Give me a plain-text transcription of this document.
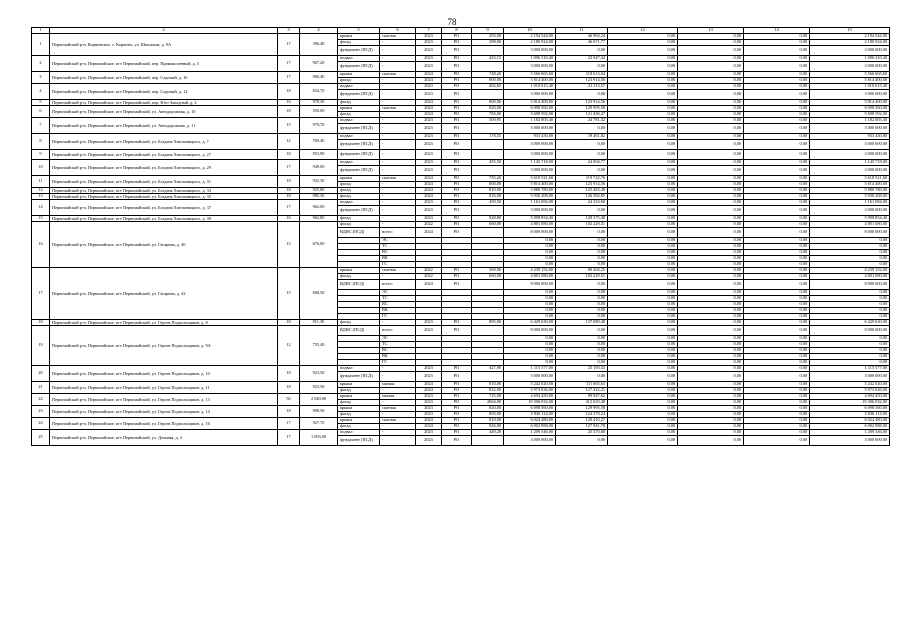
78
1	2	3	4	5	6	7	8	9	10	11	12	13	14	15
1	Первомайский р-н, Коршевское, с. Коршево, ул. Школьная, д. 9А	17	396,40	крыша	скатная	2023	РО	293,00	2 194 544,00	46 963,24	0,00	0,00	0,00	2 194 544,00
				фасад	-	2023	РО	298,00	2 180 924,00	46 671,77	0,00	0,00	0,00	2 180 924,00
				фундамент (ПСД)	-	2023	РО		3 000 000,00	0,00	0,00	0,00	0,00	3 000 000,00
2	Первомайский р-н, Первомайское, пгт Первомайский, пер. Промышленный, д. 5	17	907,20	подвал	-	2023	РО	423,15	1 096 310,40	22 947,44	0,00	0,00	0,00	1 096 310,40
				фундамент (ПСД)	-	2023	РО		3 000 000,00	0,00	0,00	0,00	0,00	3 000 000,00
3	Первомайский р-н, Первомайское, пгт Первомайский, пер. Садовый, д. 10	17	966,40	крыша	скатная	2024	РО	748,20	5 566 665,60	118 613,04	0,00	0,00	0,00	5 566 665,60
				фасад	-	2024	РО	800,00	5 814 400,00	123 914,56	0,00	0,00	0,00	5 814 400,00
4	Первомайский р-н, Первомайское, пгт Первомайский, пер. Садовый, д. 12	18	834,70	подвал	-	2023	РО	462,65	1 010 615,40	21 113,57	0,00	0,00	0,00	1 010 615,40
				фундамент (ПСД)	-	2023	РО		3 000 000,00	0,00	0,00	0,00	0,00	3 000 000,00
5	Первомайский р-н, Первомайское, пгт Первомайский, пер. Юго-Западный, д. 2	16	970,30	фасад	-	2024	РО	800,00	5 814 400,00	123 914,56	0,00	0,00	0,00	5 814 400,00
6	Первомайский р-н, Первомайское, пгт Первомайский, ул. Автодорожная, д. 10	18	550,00	крыша	скатная	2024	РО	820,00	6 098 560,00	129 995,58	0,00	0,00	0,00	6 098 560,00
				фасад	-	2024	РО	784,00	5 698 592,00	121 436,27	0,00	0,00	0,00	5 698 592,00
7	Первомайский р-н, Первомайское, пгт Первомайский, ул. Автодорожная, д. 11	15	979,70	подвал	-	2023	РО	500,95	1 182 005,40	24 781,32	0,00	0,00	0,00	1 182 005,40
				фундамент (ПСД)	-	2023	РО		3 000 000,00	0,00	0,00	0,00	0,00	3 000 000,00
8	Первомайский р-н, Первомайское, пгт Первомайский, ул. Богдана Хмельницкого, д. 7	12	769,40	подвал	-	2023	РО	178,55	933 430,80	19 461,82	0,00	0,00	0,00	933 430,80
				фундамент (ПСД)	-	2023	РО		3 000 000,00	0,00	0,00	0,00	0,00	3 000 000,00
9	Первомайский р-н, Первомайское, пгт Первомайский, ул. Богдана Хмельницкого, д. 27	18	953,90	фундамент (ПСД)	-	2023	РО		3 000 000,00	0,00	0,00	0,00	0,00	3 000 000,00
10	Первомайский р-н, Первомайское, пгт Первомайский, ул. Богдана Хмельницкого, д. 29	17	949,00	подвал	-	2023	РО	455,50	1 145 718,00	24 004,77	0,00	0,00	0,00	1 145 718,00
				фундамент (ПСД)	-	2023	РО		3 000 000,00	0,00	0,00	0,00	0,00	3 000 000,00
11	Первомайский р-н, Первомайское, пгт Первомайский, ул. Богдана Хмельницкого, д. 31	18	932,30	крыша	скатная	2024	РО	755,20	5 618 521,60	119 722,76	0,00	0,00	0,00	5 618 521,60
				фасад	-	2024	РО	800,00	5 814 400,00	123 914,56	0,00	0,00	0,00	5 814 400,00
12	Первомайский р-н, Первомайское, пгт Первомайский, ул. Богдана Хмельницкого, д. 33	18	925,80	фасад	-	2024	РО	810,00	5 886 780,00	125 463,49	0,00	0,00	0,00	5 886 780,00
13	Первомайский р-н, Первомайское, пгт Первомайский, ул. Богдана Хмельницкого, д. 35	18	985,30	фасад	-	2024	РО	816,00	5 930 208,00	126 392,85	0,00	0,00	0,00	5 930 208,00
14	Первомайский р-н, Первомайское, пгт Первомайский, ул. Богдана Хмельницкого, д. 37	17	962,00	подвал	-	2023	РО	459,50	1 161 084,00	24 333,60	0,00	0,00	0,00	1 161 084,00
				фундамент (ПСД)	-	2023	РО		3 000 000,00	0,00	0,00	0,00	0,00	3 000 000,00
15	Первомайский р-н, Первомайское, пгт Первомайский, ул. Богдана Хмельницкого, д. 39	16	962,80	фасад	-	2023	РО	828,80	5 998 854,40	128 375,48	0,00	0,00	0,00	5 998 854,40
16	Первомайский р-н, Первомайское, пгт Первомайский, ул. Гагарина, д. 40	15	676,00	фасад	-	2022	РО	660,00	4 801 080,00	102 229,51	0,00	0,00	0,00	4 801 080,00
				ВДИС (ПСД)	всего:	2024	РО		8 000 000,00	0,00	0,00	0,00	0,00	8 000 000,00
					ЭС				0,00	0,00	0,00	0,00	0,00	0,00
					ТС				0,00	0,00	0,00	0,00	0,00	0,00
					ВС				0,00	0,00	0,00	0,00	0,00	0,00
					ВК				0,00	0,00	0,00	0,00	0,00	0,00
					ГС				0,00	0,00	0,00	0,00	0,00	0,00
17	Первомайский р-н, Первомайское, пгт Первомайский, ул. Гагарина, д. 42	15	668,50	крыша	скатная	2022	РО	569,00	4 239 152,00	90 204,25	0,00	0,00	0,00	4 239 152,00
				фасад	-	2022	РО	660,00	4 801 080,00	102 229,51	0,00	0,00	0,00	4 801 080,00
				ВДИС (ПСД)	всего:	2024	РО		8 000 000,00	0,00	0,00	0,00	0,00	8 000 000,00
					ЭС				0,00	0,00	0,00	0,00	0,00	0,00
					ТС				0,00	0,00	0,00	0,00	0,00	0,00
					ВС				0,00	0,00	0,00	0,00	0,00	0,00
					ВК				0,00	0,00	0,00	0,00	0,00	0,00
					ГС				0,00	0,00	0,00	0,00	0,00	0,00
18	Первомайский р-н, Первомайское, пгт Первомайский, ул. Героев Подпольщиков, д. 8	18	911,30	фасад	-	2023	РО	885,00	6 429 630,00	137 080,48	0,00	0,00	0,00	6 429 630,00
19	Первомайский р-н, Первомайское, пгт Первомайский, ул. Героев Подпольщиков, д. 9А	12	755,40	ВДИС (ПСД)	всего:	2023	РО		8 000 000,00	0,00	0,00	0,00	0,00	8 000 000,00
					ЭС				0,00	0,00	0,00	0,00	0,00	0,00
					ТС				0,00	0,00	0,00	0,00	0,00	0,00
					ВС				0,00	0,00	0,00	0,00	0,00	0,00
					ВК				0,00	0,00	0,00	0,00	0,00	0,00
					ГС				0,00	0,00	0,00	0,00	0,00	0,00
20	Первомайский р-н, Первомайское, пгт Первомайский, ул. Героев Подпольщиков, д. 10	18	923,50	подвал	-	2023	РО	427,90	1 115 577,00	23 195,33	0,00	0,00	0,00	1 115 577,00
				фундамент (ПСД)	-	2023	РО		3 000 000,00	0,00	0,00	0,00	0,00	3 000 000,00
21	Первомайский р-н, Первомайское, пгт Первомайский, ул. Героев Подпольщиков, д. 11	18	923,50	крыша	мягкая	2024	РО	810,00	5 242 020,00	111 665,63	0,00	0,00	0,00	5 242 020,00
				фасад	-	2024	РО	822,00	5 973 636,00	127 322,21	0,00	0,00	0,00	5 973 636,00
22	Первомайский р-н, Первомайское, пгт Первомайский, ул. Героев Подпольщиков, д. 13	50	2 840,00	крыша	мягкая	2023	РО	725,00	4 694 450,00	99 947,62	0,00	0,00	0,00	4 694 450,00
				фасад	-	2023	РО	2664,00	19 306 032,00	412 635,48	0,00	0,00	0,00	19 306 032,00
23	Первомайский р-н, Первомайское, пгт Первомайский, ул. Героев Подпольщиков, д. 14	18	998,50	крыша	скатная	2023	РО	820,00	6 098 560,00	129 995,58	0,00	0,00	0,00	6 098 560,00
				фасад	-	2023	РО	803,00	5 836 114,00	124 379,24	0,00	0,00	0,00	5 836 114,00
24	Первомайский р-н, Первомайское, пгт Первомайский, ул. Героев Подпольщиков, д. 16	17	927,70	крыша	скатная	2024	РО	810,00	6 024 480,00	128 410,27	0,00	0,00	0,00	6 024 480,00
				фасад	-	2024	РО	826,00	6 002 988,00	127 941,78	0,00	0,00	0,00	6 002 988,00
25	Первомайский р-н, Первомайское, пгт Первомайский, ул. Дальняя, д. 2	17	1 003,00	подвал	-	2023	РО	449,20	1 209 546,00	25 370,68	0,00	0,00	0,00	1 209 546,00
				фундамент (ПСД)	-	2023	РО		3 000 000,00	0,00	0,00	0,00	0,00	3 000 000,00
